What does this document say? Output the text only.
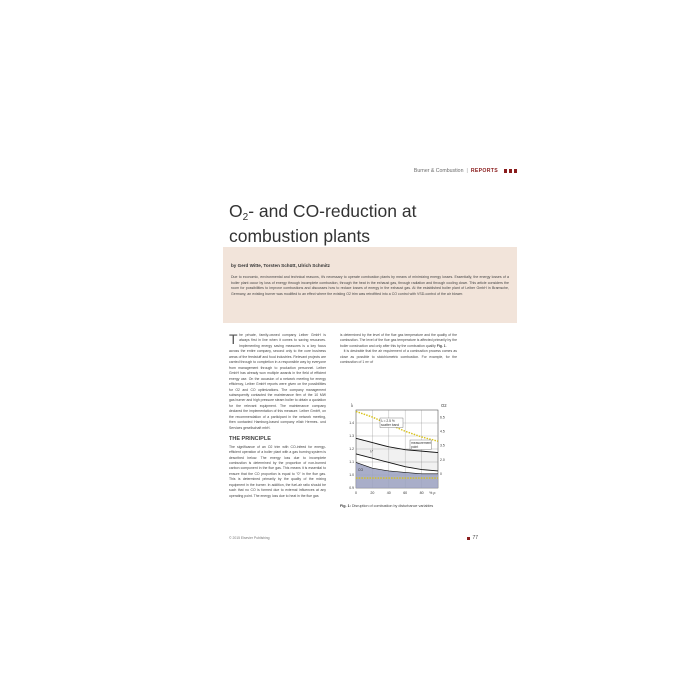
Burner & Combustion | REPORTS
$O_2-$ and CO-reduction at
combustion plants
by Gerd Witte, Torsten Schütt, Ulrich Schmitz
Due to economic, environmental and technical reasons, it's necessary to operate combustion plants by means of minimizing energy losses. Essentially, the energy losses of a boiler plant occur by loss of energy through incomplete combustion, through the heat in the exhaust gas, through radiation and through cooling down. This article considers the room for possibilities to improve combustions and discusses how to reduce losses of energy in the exhaust gas. At the established boiler plant of Leiber GmbH in Bramsche, Germany, an existing burner was modified to an effect where the existing O2 trim was retrofitted into a CO control with VSD-control of the air blower.
T he private, family-owned company Leiber GmbH is always first in line when it comes to saving resources. Implementing energy saving measures is a key focus across the entire company, second only to the core business areas of the feedstuff and food industries. Relevant projects are carried through to completion in a responsible way by everyone from management through to production personnel. Leiber GmbH has already won multiple awards in the field of efficient energy use. On the occasion of a network meeting for energy efficiency, Leiber GmbH reports were given on the possibilities for O2 and CO optimizations. The company management subsequently contacted the maintenance firm of the 10 MW gas burner and high pressure steam boiler to obtain a quotation for the relevant equipment. The maintenance company declared the implementation of this measure. Leiber GmbH, on the recommendation of a participant in the network meeting, then contacted Hamburg-based company ellab Hermes- und Services gesellschaft mbH.
THE PRINCIPLE
The significance of an O2 trim with CO-infeed for energy-efficient operation of a boiler plant with a gas burning system is described below. The energy loss due to incomplete combustion is determined by the proportion of non-burned carbon component in the flue gas. This means it is essential to ensure that the CO proportion is equal to "0" in the flue gas. This is determined primarily by the quality of the mixing equipment in the burner. In addition, the fuel-air ratio should be such that no CO is formed due to external influences at any operating point. The energy loss due to heat in the flue gas
is determined by the level of the flue gas temperature and the quality of the combustion. The level of the flue gas temperature is affected primarily by the boiler construction and only after this by the combustion quality Fig. 1.
It is desirable that the air requirement of a combustion process comes as close as possible to stoichiometric combustion. For example, for the combustion of 1 m³ of
0	20	40	60	80 % ρ
0.9
1.0
1.1
1.2
1.3
1.4
λ
0
2.0
3.5
4.5
6.5
O2
λ = 2.5 %
scatter band
measurement
point
CO
λ*
Fig. 1: Disruption of combustion by disturbance variables
© 2015 Elsevier Publishing	77
